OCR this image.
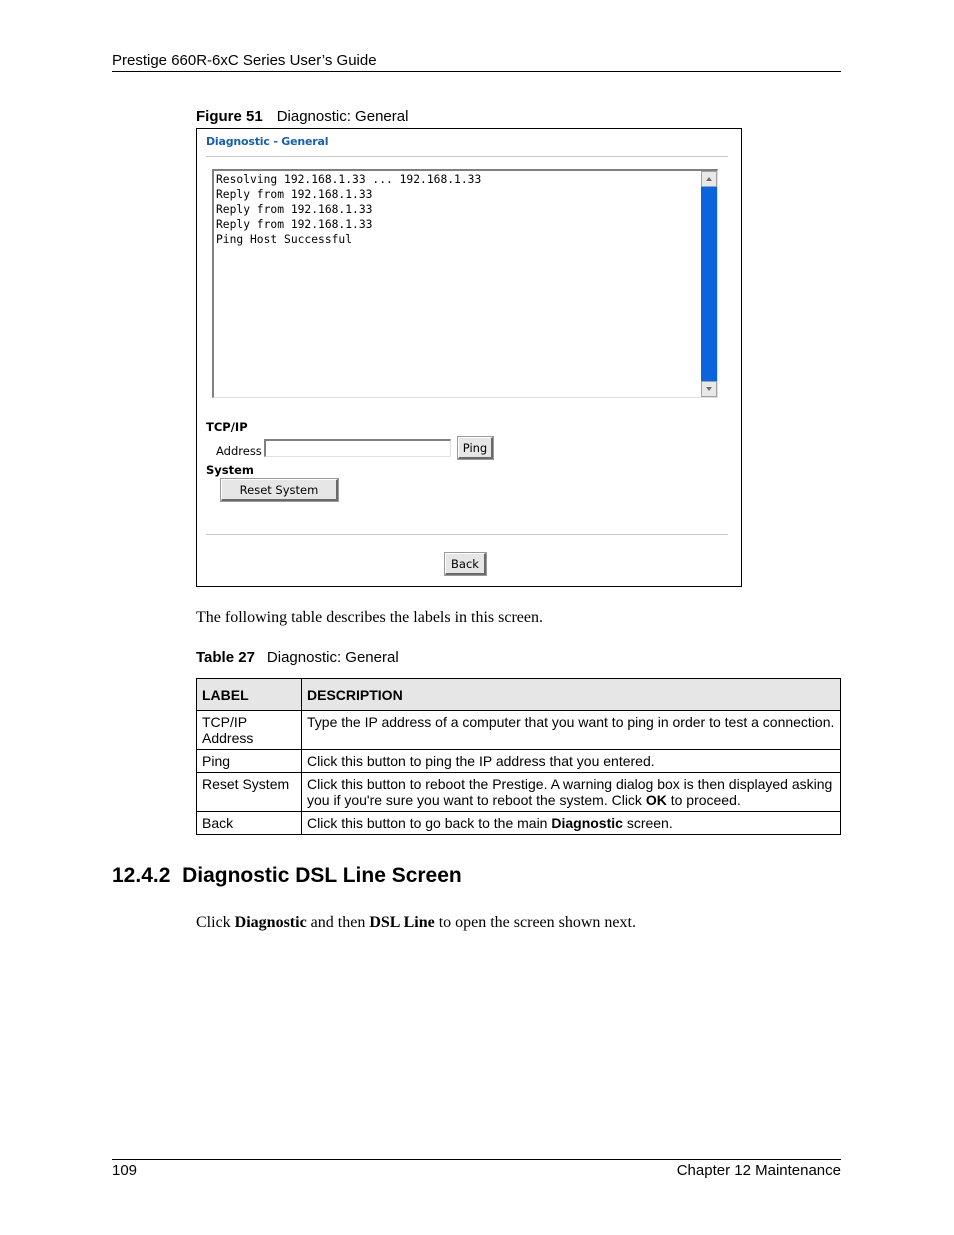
Prestige 660R-6xC Series User’s Guide
Figure 51 Diagnostic: General
Diagnostic - General
Resolving 192.168.1.33 ... 192.168.1.33
Reply from 192.168.1.33
Reply from 192.168.1.33
Reply from 192.168.1.33
Ping Host Successful
TCP/IP
Address	Ping
System
Reset System
Back
The following table describes the labels in this screen.
Table 27 Diagnostic: General
LABEL	DESCRIPTION

TCP/IP
Address	Type the IP address of a computer that you want to ping in order to test a connection.
Ping	Click this button to ping the IP address that you entered.
Reset System	Click this button to reboot the Prestige. A warning dialog box is then displayed asking you if you're sure you want to reboot the system. Click OK to proceed.
Back	Click this button to go back to the main Diagnostic screen.
12.4.2 Diagnostic DSL Line Screen
Click Diagnostic and then DSL Line to open the screen shown next.
109	Chapter 12 Maintenance
